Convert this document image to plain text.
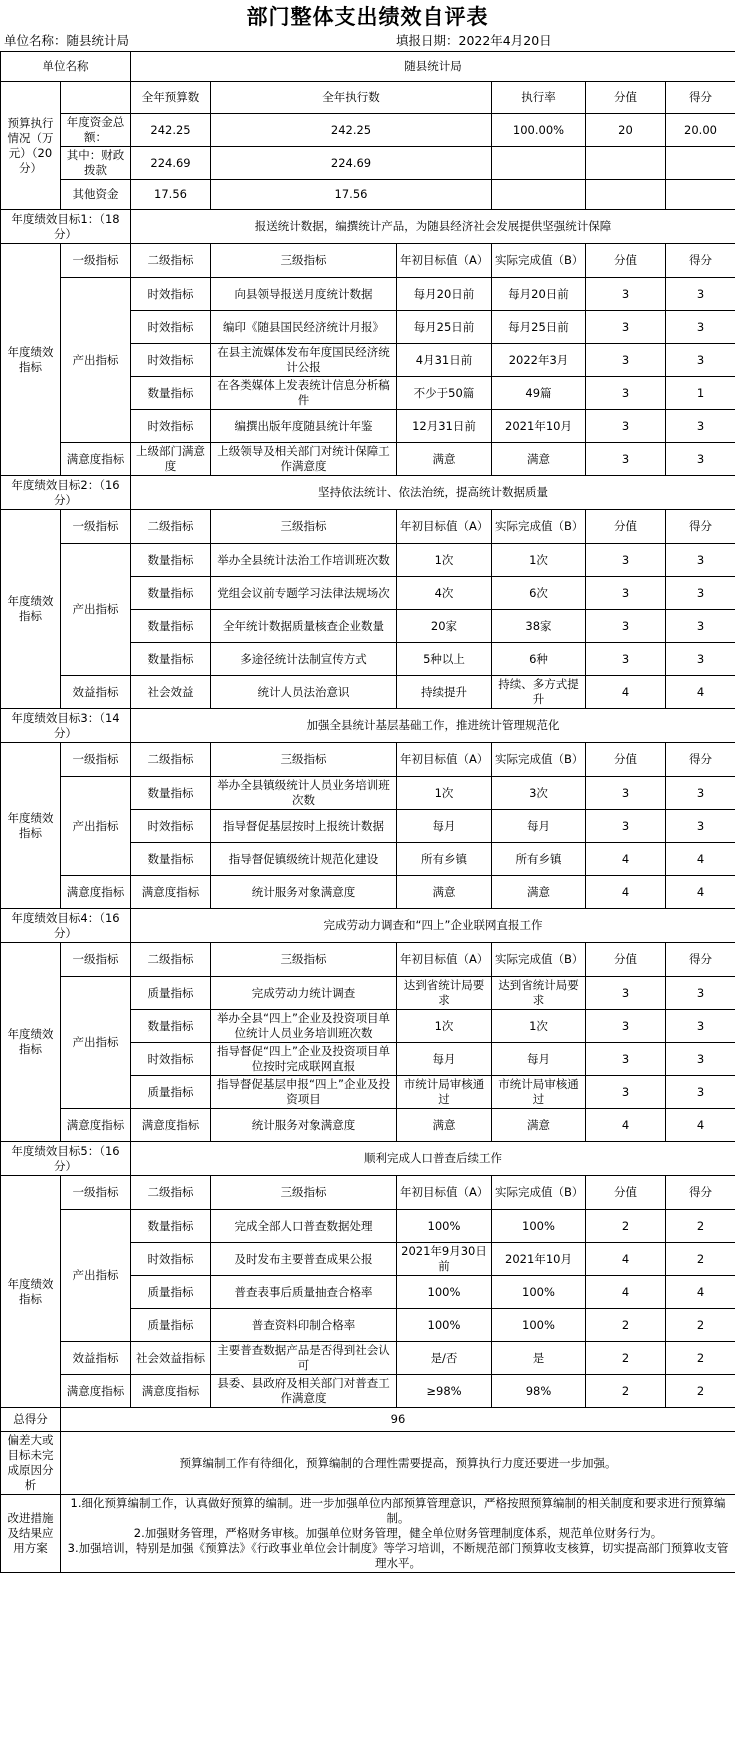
部门整体支出绩效自评表
单位名称：随县统计局	填报日期：2022年4月20日
单位名称		随县统计局					
预算执行情况（万元）（20分）		全年预算数	全年执行数		执行率	分值	得分
	年度资金总额：	242.25	242.25		100.00%	20	20.00
	其中：财政拨款	224.69	224.69				
	其他资金	17.56	17.56				
年度绩效目标1：（18分）		报送统计数据，编撰统计产品，为随县经济社会发展提供坚强统计保障					
年度绩效指标	一级指标	二级指标	三级指标	年初目标值（A）	实际完成值（B）	分值	得分
	产出指标	时效指标	向县领导报送月度统计数据	每月20日前	每月20日前	3	3
		时效指标	编印《随县国民经济统计月报》	每月25日前	每月25日前	3	3
		时效指标	在县主流媒体发布年度国民经济统计公报	4月31日前	2022年3月	3	3
		数量指标	在各类媒体上发表统计信息分析稿件	不少于50篇	49篇	3	1
		时效指标	编撰出版年度随县统计年鉴	12月31日前	2021年10月	3	3
	满意度指标	上级部门满意度	上级领导及相关部门对统计保障工作满意度	满意	满意	3	3
年度绩效目标2：（16分）		坚持依法统计、依法治统，提高统计数据质量					
年度绩效指标	一级指标	二级指标	三级指标	年初目标值（A）	实际完成值（B）	分值	得分
	产出指标	数量指标	举办全县统计法治工作培训班次数	1次	1次	3	3
		数量指标	党组会议前专题学习法律法规场次	4次	6次	3	3
		数量指标	全年统计数据质量核查企业数量	20家	38家	3	3
		数量指标	多途径统计法制宣传方式	5种以上	6种	3	3
	效益指标	社会效益	统计人员法治意识	持续提升	持续、多方式提升	4	4
年度绩效目标3：（14分）		加强全县统计基层基础工作，推进统计管理规范化					
年度绩效指标	一级指标	二级指标	三级指标	年初目标值（A）	实际完成值（B）	分值	得分
	产出指标	数量指标	举办全县镇级统计人员业务培训班次数	1次	3次	3	3
		时效指标	指导督促基层按时上报统计数据	每月	每月	3	3
		数量指标	指导督促镇级统计规范化建设	所有乡镇	所有乡镇	4	4
	满意度指标	满意度指标	统计服务对象满意度	满意	满意	4	4
年度绩效目标4：（16分）		完成劳动力调查和“四上”企业联网直报工作					
年度绩效指标	一级指标	二级指标	三级指标	年初目标值（A）	实际完成值（B）	分值	得分
	产出指标	质量指标	完成劳动力统计调查	达到省统计局要求	达到省统计局要求	3	3
		数量指标	举办全县“四上”企业及投资项目单位统计人员业务培训班次数	1次	1次	3	3
		时效指标	指导督促“四上”企业及投资项目单位按时完成联网直报	每月	每月	3	3
		质量指标	指导督促基层申报“四上”企业及投资项目	市统计局审核通过	市统计局审核通过	3	3
	满意度指标	满意度指标	统计服务对象满意度	满意	满意	4	4
年度绩效目标5：（16分）		顺利完成人口普查后续工作					
年度绩效指标	一级指标	二级指标	三级指标	年初目标值（A）	实际完成值（B）	分值	得分
	产出指标	数量指标	完成全部人口普查数据处理	100%	100%	2	2
		时效指标	及时发布主要普查成果公报	2021年9月30日前	2021年10月	4	2
		质量指标	普查表事后质量抽查合格率	100%	100%	4	4
		质量指标	普查资料印制合格率	100%	100%	2	2
	效益指标	社会效益指标	主要普查数据产品是否得到社会认可	是/否	是	2	2
	满意度指标	满意度指标	县委、县政府及相关部门对普查工作满意度	≥98%	98%	2	2
总得分	96						
偏差大或目标未完成原因分析	预算编制工作有待细化，预算编制的合理性需要提高，预算执行力度还要进一步加强。						
改进措施及结果应用方案	1.细化预算编制工作，认真做好预算的编制。进一步加强单位内部预算管理意识，严格按照预算编制的相关制度和要求进行预算编制。
2.加强财务管理，严格财务审核。加强单位财务管理，健全单位财务管理制度体系，规范单位财务行为。
3.加强培训，特别是加强《预算法》《行政事业单位会计制度》等学习培训，不断规范部门预算收支核算，切实提高部门预算收支管理水平。						
